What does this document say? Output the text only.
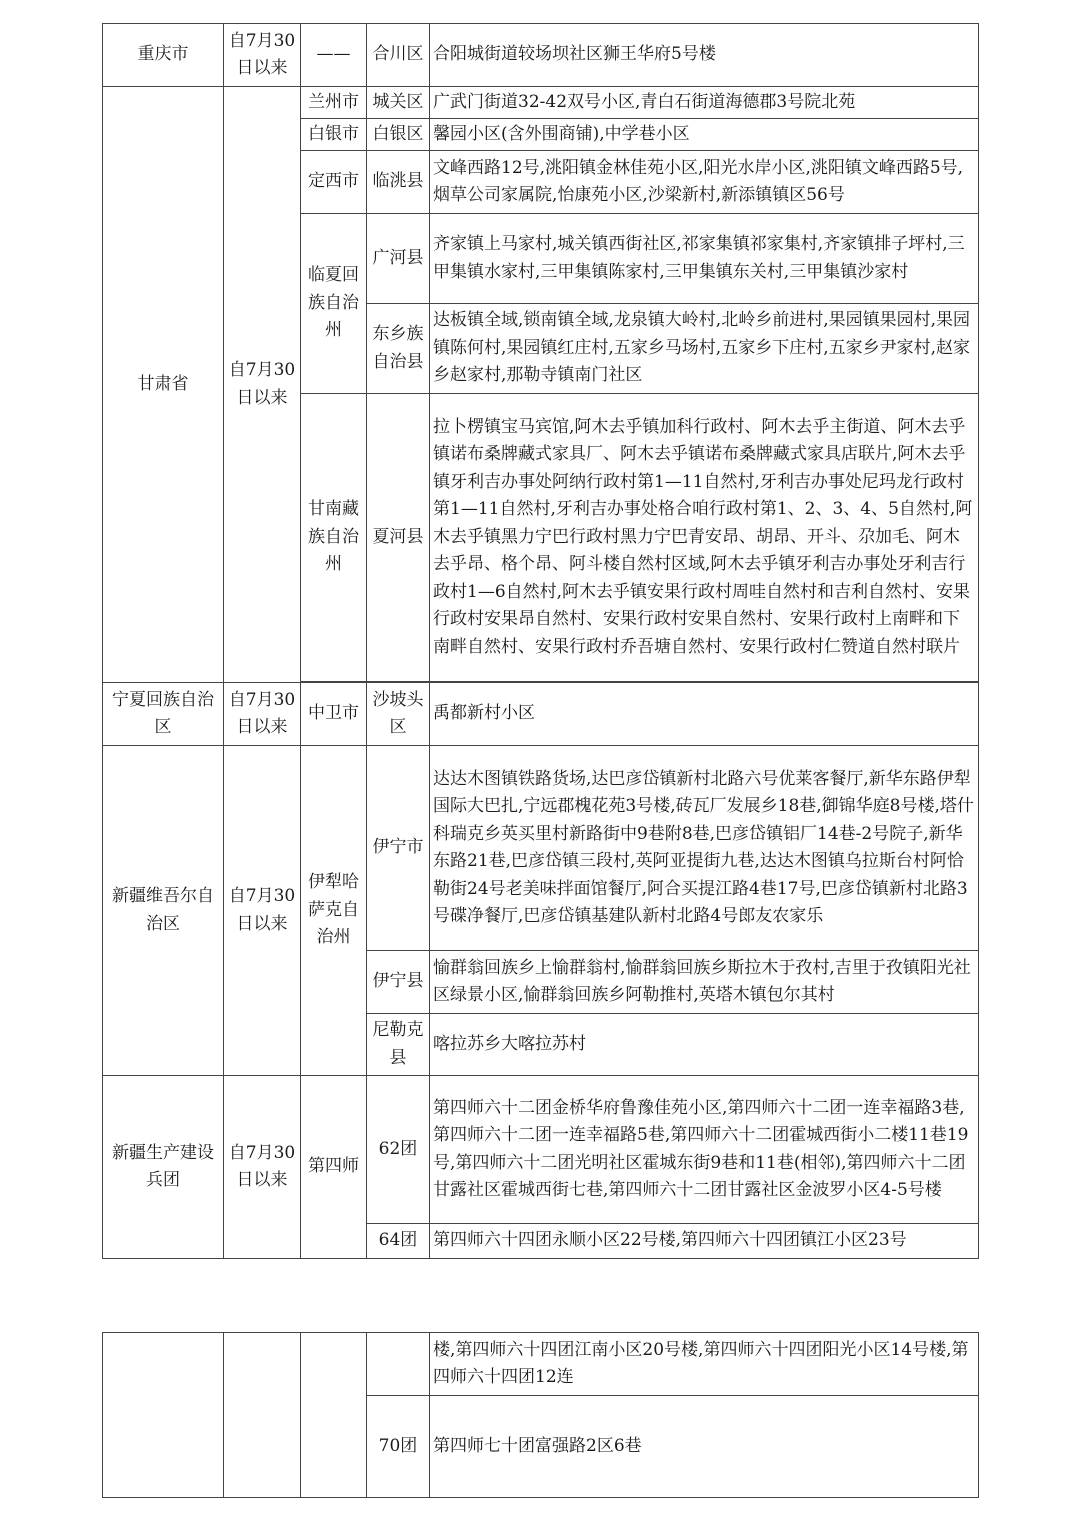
重庆市	自7月30日以来	——	合川区	合阳城街道较场坝社区狮王华府5号楼
甘肃省	自7月30日以来	兰州市	城关区	广武门街道32-42双号小区,青白石街道海德郡3号院北苑
		白银市	白银区	馨园小区(含外围商铺),中学巷小区
		定西市	临洮县	文峰西路12号,洮阳镇金林佳苑小区,阳光水岸小区,洮阳镇文峰西路5号,烟草公司家属院,怡康苑小区,沙梁新村,新添镇镇区56号
		临夏回族自治州	广河县	齐家镇上马家村,城关镇西街社区,祁家集镇祁家集村,齐家镇排子坪村,三甲集镇水家村,三甲集镇陈家村,三甲集镇东关村,三甲集镇沙家村
			东乡族自治县	达板镇全域,锁南镇全域,龙泉镇大岭村,北岭乡前进村,果园镇果园村,果园镇陈何村,果园镇红庄村,五家乡马场村,五家乡下庄村,五家乡尹家村,赵家乡赵家村,那勒寺镇南门社区
		甘南藏族自治州	夏河县	拉卜楞镇宝马宾馆,阿木去乎镇加科行政村、阿木去乎主街道、阿木去乎镇诺布桑牌藏式家具厂、阿木去乎镇诺布桑牌藏式家具店联片,阿木去乎镇牙利吉办事处阿纳行政村第1—11自然村,牙利吉办事处尼玛龙行政村第1—11自然村,牙利吉办事处格合咱行政村第1、2、3、4、5自然村,阿木去乎镇黑力宁巴行政村黑力宁巴青安昂、胡昂、开斗、尕加毛、阿木去乎昂、格个昂、阿斗楼自然村区域,阿木去乎镇牙利吉办事处牙利吉行政村1—6自然村,阿木去乎镇安果行政村周哇自然村和吉利自然村、安果行政村安果昂自然村、安果行政村安果自然村、安果行政村上南畔和下南畔自然村、安果行政村乔吾塘自然村、安果行政村仁赞道自然村联片

宁夏回族自治区	自7月30日以来	中卫市	沙坡头区	禹都新村小区
新疆维吾尔自治区	自7月30日以来	伊犁哈萨克自治州	伊宁市	达达木图镇铁路货场,达巴彦岱镇新村北路六号优莱客餐厅,新华东路伊犁国际大巴扎,宁远郡槐花苑3号楼,砖瓦厂发展乡18巷,御锦华庭8号楼,塔什科瑞克乡英买里村新路街中9巷附8巷,巴彦岱镇铝厂14巷-2号院子,新华东路21巷,巴彦岱镇三段村,英阿亚提街九巷,达达木图镇乌拉斯台村阿恰勒街24号老美味拌面馆餐厅,阿合买提江路4巷17号,巴彦岱镇新村北路3号碟净餐厅,巴彦岱镇基建队新村北路4号郎友农家乐
			伊宁县	愉群翁回族乡上愉群翁村,愉群翁回族乡斯拉木于孜村,吉里于孜镇阳光社区绿景小区,愉群翁回族乡阿勒推村,英塔木镇包尔其村
			尼勒克县	喀拉苏乡大喀拉苏村
新疆生产建设兵团	自7月30日以来	第四师	62团	第四师六十二团金桥华府鲁豫佳苑小区,第四师六十二团一连幸福路3巷,第四师六十二团一连幸福路5巷,第四师六十二团霍城西街小二楼11巷19号,第四师六十二团光明社区霍城东街9巷和11巷(相邻),第四师六十二团甘露社区霍城西街七巷,第四师六十二团甘露社区金波罗小区4-5号楼
			64团	第四师六十四团永顺小区22号楼,第四师六十四团镇江小区23号
				楼,第四师六十四团江南小区20号楼,第四师六十四团阳光小区14号楼,第四师六十四团12连
			70团	第四师七十团富强路2区6巷
